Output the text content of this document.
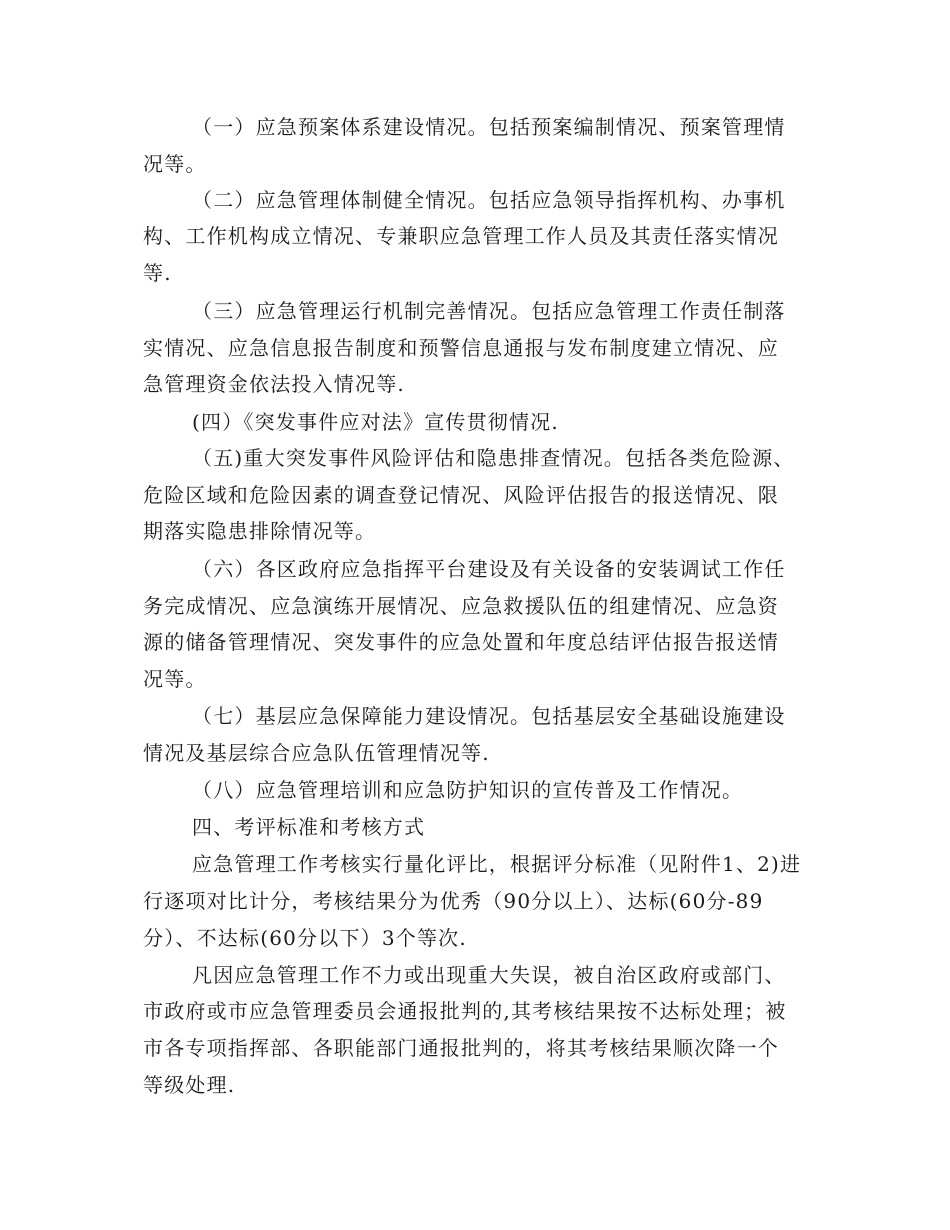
（一）应急预案体系建设情况。包括预案编制情况、预案管理情
况等。
（二）应急管理体制健全情况。包括应急领导指挥机构、办事机
构、工作机构成立情况、专兼职应急管理工作人员及其责任落实情况
等.
（三）应急管理运行机制完善情况。包括应急管理工作责任制落
实情况、应急信息报告制度和预警信息通报与发布制度建立情况、应
急管理资金依法投入情况等.
(四）《突发事件应对法》宣传贯彻情况.
（五)重大突发事件风险评估和隐患排查情况。包括各类危险源、
危险区域和危险因素的调查登记情况、风险评估报告的报送情况、限
期落实隐患排除情况等。
（六）各区政府应急指挥平台建设及有关设备的安装调试工作任
务完成情况、应急演练开展情况、应急救援队伍的组建情况、应急资
源的储备管理情况、突发事件的应急处置和年度总结评估报告报送情
况等。
（七）基层应急保障能力建设情况。包括基层安全基础设施建设
情况及基层综合应急队伍管理情况等.
（八）应急管理培训和应急防护知识的宣传普及工作情况。
四、考评标准和考核方式
应急管理工作考核实行量化评比，根据评分标准（见附件1、2)进
行逐项对比计分，考核结果分为优秀（90分以上）、达标(60分-89
分）、不达标(60分以下）3个等次.
凡因应急管理工作不力或出现重大失误，被自治区政府或部门、
市政府或市应急管理委员会通报批判的,其考核结果按不达标处理；被
市各专项指挥部、各职能部门通报批判的，将其考核结果顺次降一个
等级处理.
